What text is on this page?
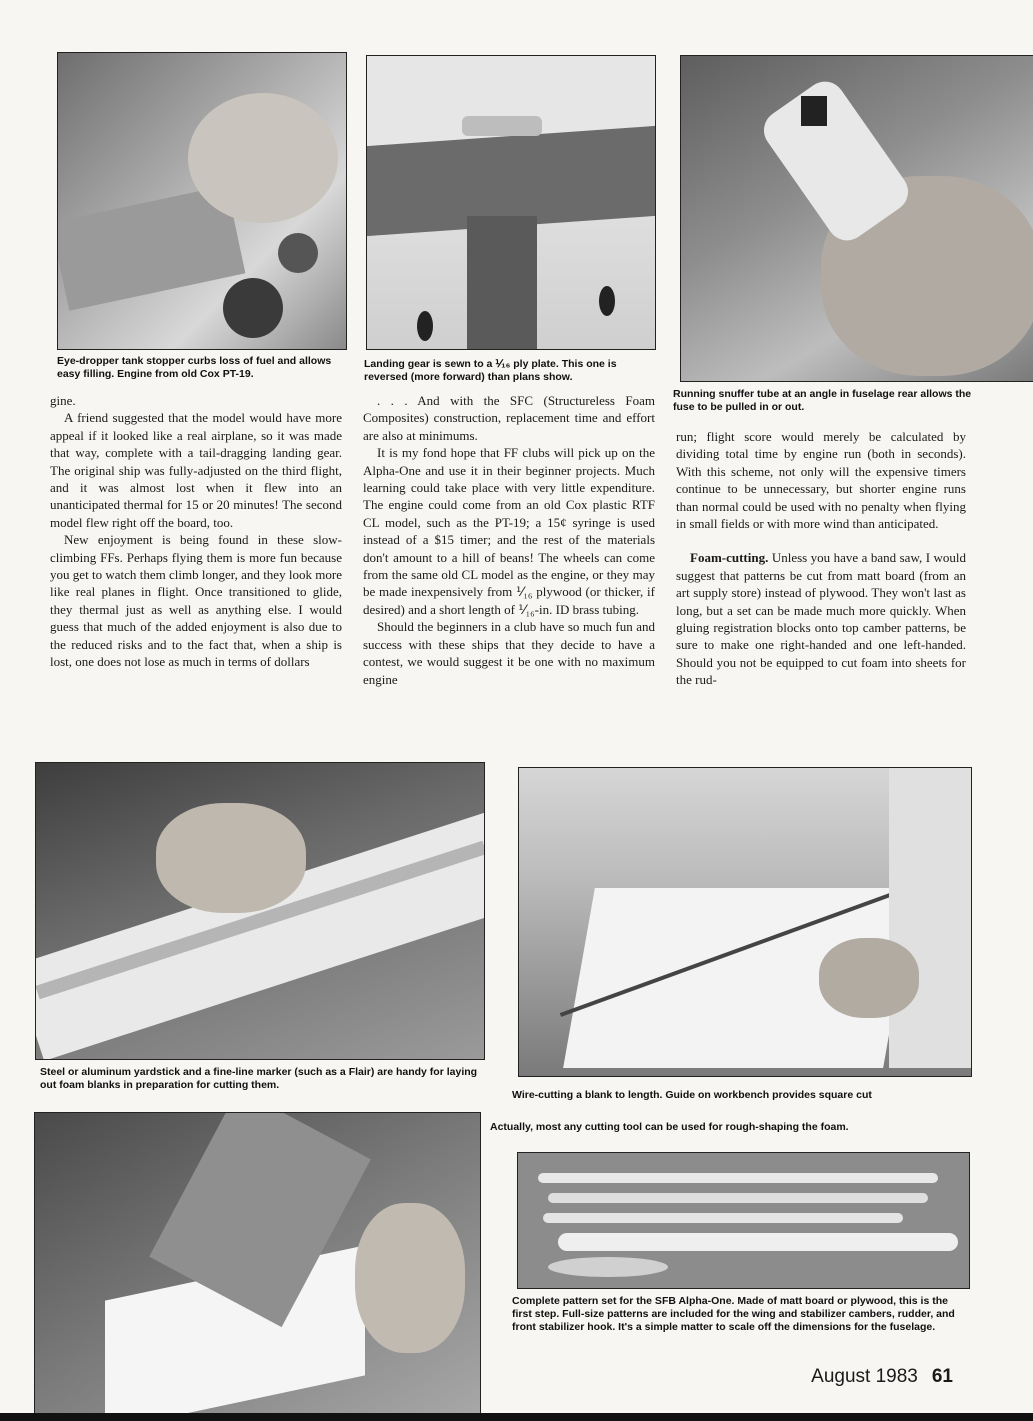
Eye-dropper tank stopper curbs loss of fuel and allows easy filling. Engine from old Cox PT-19.
Landing gear is sewn to a ⅟₁₆ ply plate. This one is reversed (more forward) than plans show.
Running snuffer tube at an angle in fuselage rear allows the fuse to be pulled in or out.

gine.

A friend suggested that the model would have more appeal if it looked like a real airplane, so it was made that way, complete with a tail-dragging landing gear. The original ship was fully-adjusted on the third flight, and it was almost lost when it flew into an unanticipated thermal for 15 or 20 minutes! The second model flew right off the board, too.

New enjoyment is being found in these slow-climbing FFs. Perhaps flying them is more fun because you get to watch them climb longer, and they look more like real planes in flight. Once transitioned to glide, they thermal just as well as anything else. I would guess that much of the added enjoyment is also due to the reduced risks and to the fact that, when a ship is lost, one does not lose as much in terms of dollars

. . . And with the SFC (Structureless Foam Composites) construction, replacement time and effort are also at minimums.

It is my fond hope that FF clubs will pick up on the Alpha-One and use it in their beginner projects. Much learning could take place with very little expenditure. The engine could come from an old Cox plastic RTF CL model, such as the PT-19; a 15¢ syringe is used instead of a $15 timer; and the rest of the materials don't amount to a hill of beans! The wheels can come from the same old CL model as the engine, or they may be made inexpensively from ⅟₁₆ plywood (or thicker, if desired) and a short length of ⅟₁₆-in. ID brass tubing.

Should the beginners in a club have so much fun and success with these ships that they decide to have a contest, we would suggest it be one with no maximum engine

run; flight score would merely be calculated by dividing total time by engine run (both in seconds). With this scheme, not only will the expensive timers continue to be unnecessary, but shorter engine runs than normal could be used with no penalty when flying in small fields or with more wind than anticipated.

Foam-cutting. Unless you have a band saw, I would suggest that patterns be cut from matt board (from an art supply store) instead of plywood. They won't last as long, but a set can be made much more quickly. When gluing registration blocks onto top camber patterns, be sure to make one right-handed and one left-handed. Should you not be equipped to cut foam into sheets for the rud-

Steel or aluminum yardstick and a fine-line marker (such as a Flair) are handy for laying out foam blanks in preparation for cutting them.
Wire-cutting a blank to length. Guide on workbench provides square cut
Actually, most any cutting tool can be used for rough-shaping the foam.
Complete pattern set for the SFB Alpha-One. Made of matt board or plywood, this is the first step. Full-size patterns are included for the wing and stabilizer cambers, rudder, and front stabilizer hook. It's a simple matter to scale off the dimensions for the fuselage.
August 1983 61
